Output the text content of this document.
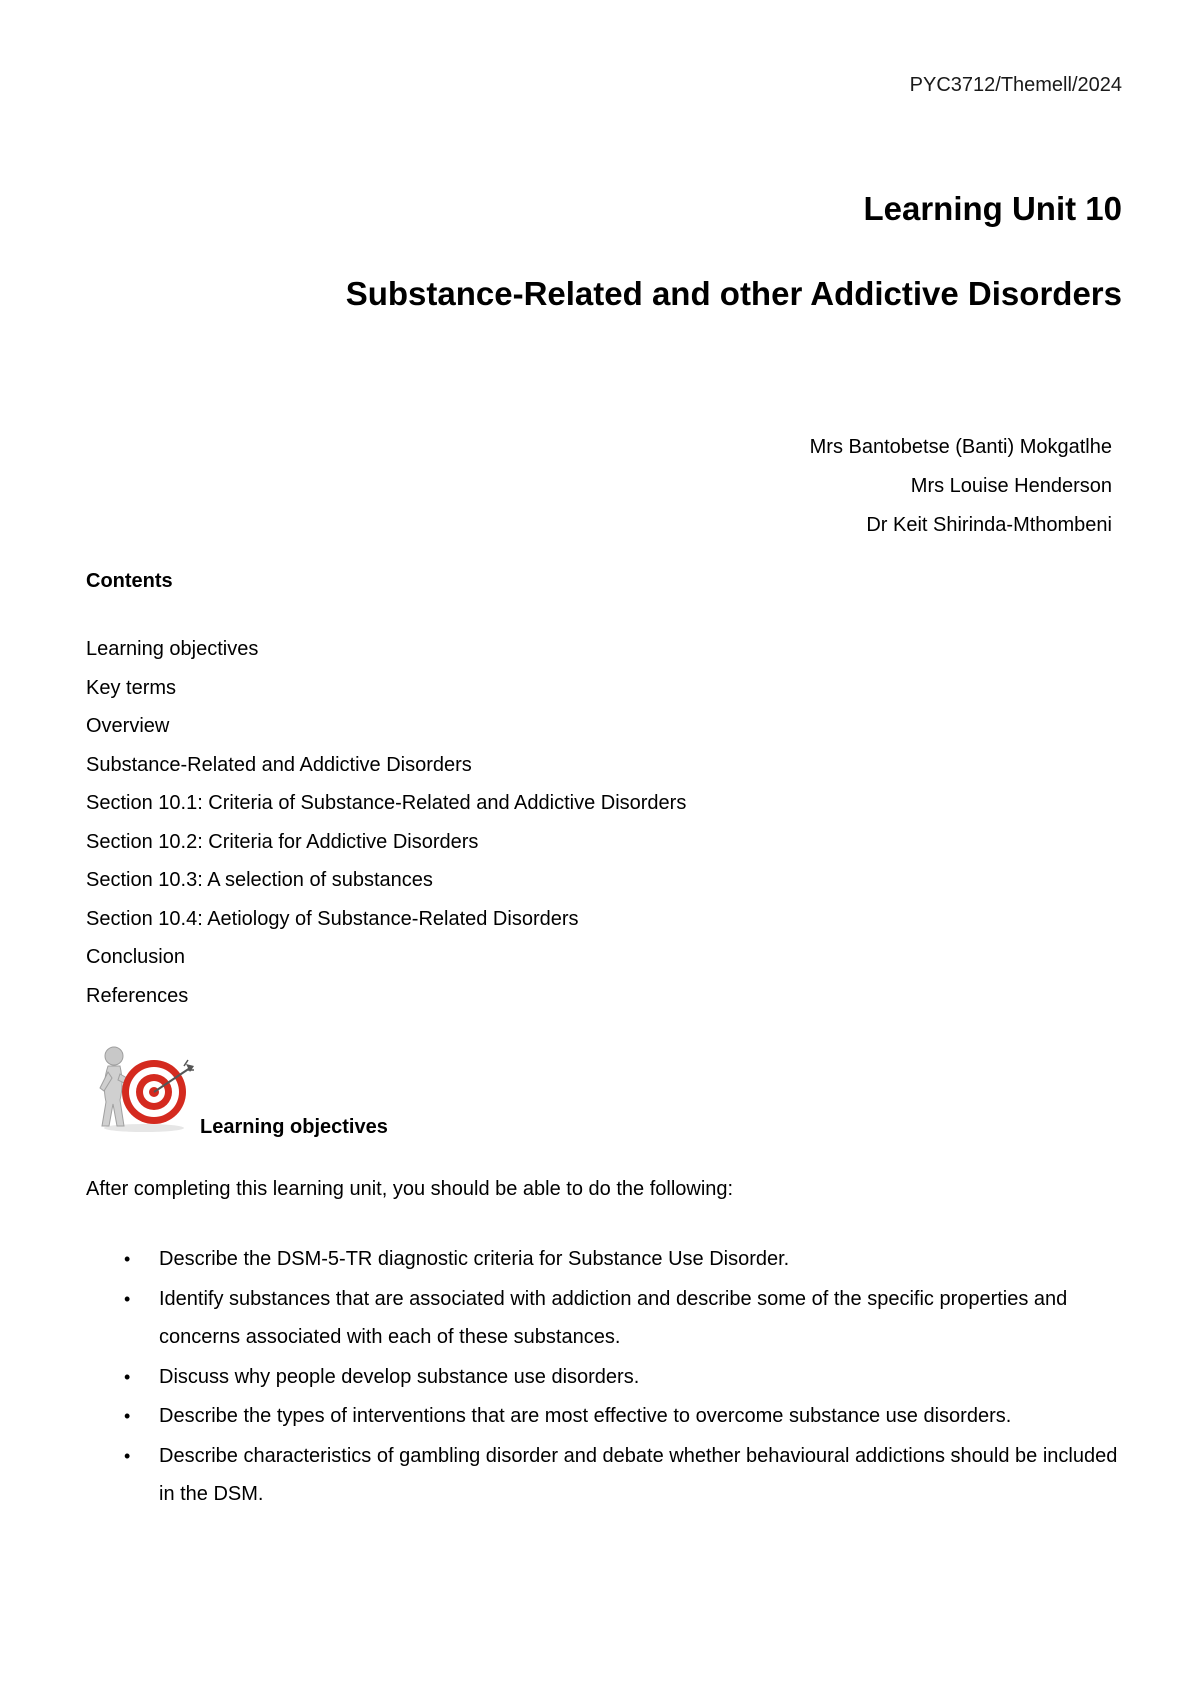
PYC3712/Themell/2024
Learning Unit 10
Substance-Related and other Addictive Disorders
Mrs Bantobetse (Banti) Mokgatlhe
Mrs Louise Henderson
Dr Keit Shirinda-Mthombeni
Contents
Learning objectives
Key terms
Overview
Substance-Related and Addictive Disorders
Section 10.1: Criteria of Substance-Related and Addictive Disorders
Section 10.2: Criteria for Addictive Disorders
Section 10.3: A selection of substances
Section 10.4: Aetiology of Substance-Related Disorders
Conclusion
References
Learning objectives
After completing this learning unit, you should be able to do the following:
• Describe the DSM-5-TR diagnostic criteria for Substance Use Disorder.
• Identify substances that are associated with addiction and describe some of the specific properties and concerns associated with each of these substances.
• Discuss why people develop substance use disorders.
• Describe the types of interventions that are most effective to overcome substance use disorders.
• Describe characteristics of gambling disorder and debate whether behavioural addictions should be included in the DSM.
